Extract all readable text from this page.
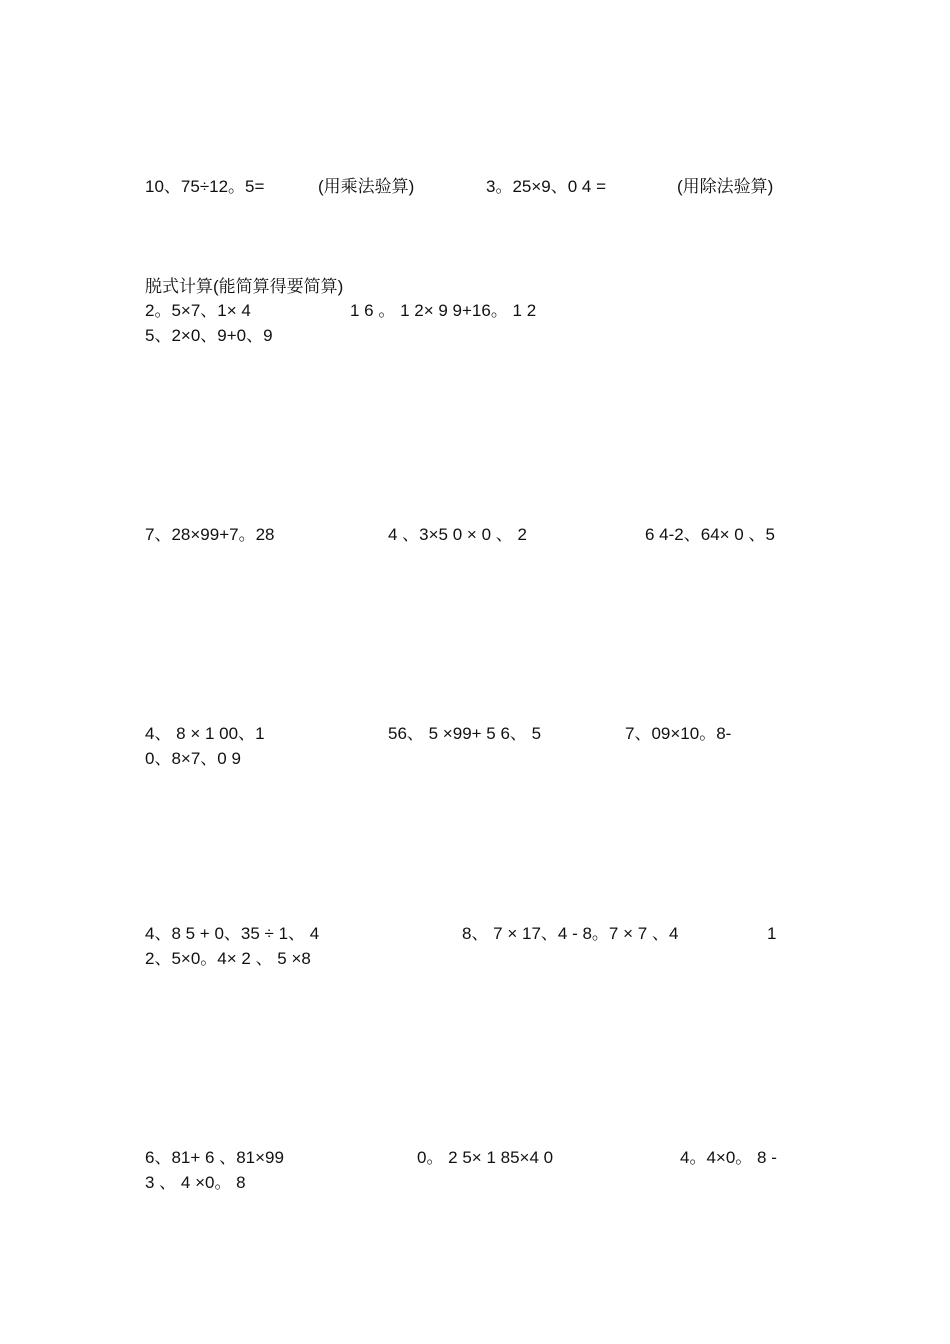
10、75÷12。5=	(用乘法验算)	3。25×9、0 4 =	(用除法验算)
脱式计算(能简算得要简算)
2。5×7、1× 4	1 6 。 1 2× 9 9+16。 1 2
5、2×0、9+0、9
7、28×99+7。28	4 、3×5 0 × 0 、 2	6 4-2、64× 0 、5
4、 8 × 1 00、1	56、 5 ×99+ 5 6、 5	7、09×10。8-
0、8×7、0 9
4、8 5 + 0、35 ÷ 1、 4	8、 7 × 17、4 - 8。7 × 7 、4	1
2、5×0。4× 2 、 5 ×8
6、81+ 6 、81×99	0。 2 5× 1 85×4 0	4。4×0。 8 -
3 、 4 ×0。 8
